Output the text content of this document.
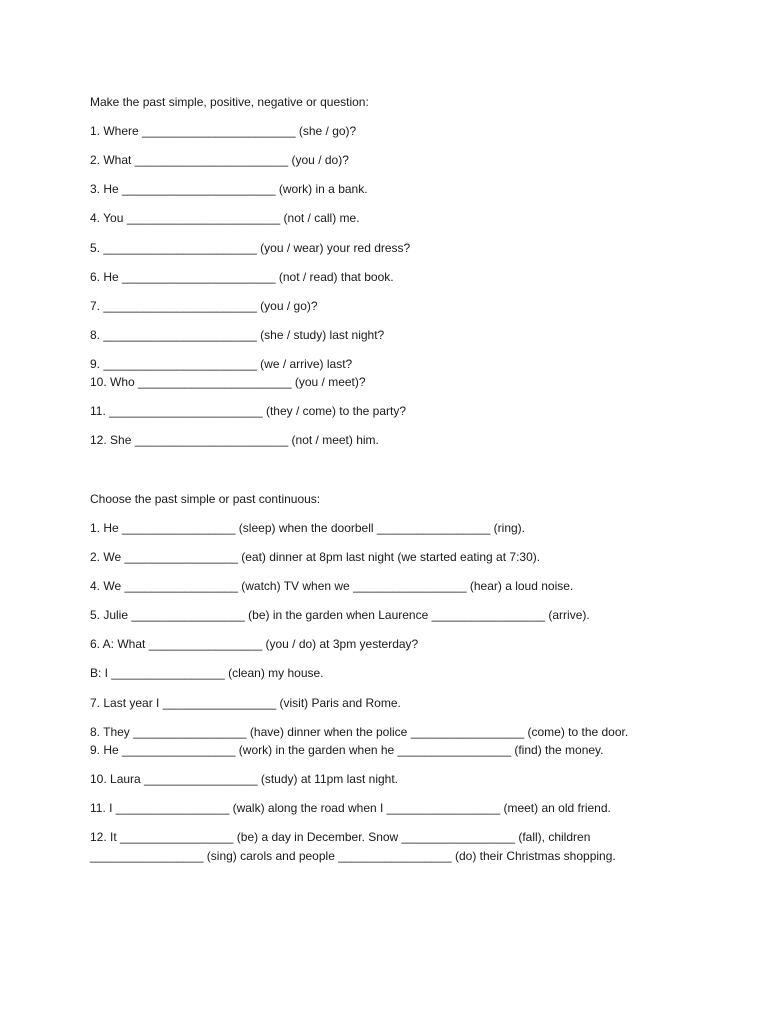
Make the past simple, positive, negative or question:
1. Where _______________________ (she / go)?
2. What _______________________ (you / do)?
3. He _______________________ (work) in a bank.
4. You _______________________ (not / call) me.
5. _______________________ (you / wear) your red dress?
6. He _______________________ (not / read) that book.
7. _______________________ (you / go)?
8. _______________________ (she / study) last night?
9. _______________________ (we / arrive) last?
10. Who _______________________ (you / meet)?
11. _______________________ (they / come) to the party?
12. She _______________________ (not / meet) him.
Choose the past simple or past continuous:
1. He _________________ (sleep) when the doorbell _________________ (ring).
2. We _________________ (eat) dinner at 8pm last night (we started eating at 7:30).
4. We _________________ (watch) TV when we _________________ (hear) a loud noise.
5. Julie _________________ (be) in the garden when Laurence _________________ (arrive).
6. A: What _________________ (you / do) at 3pm yesterday?
B: I _________________ (clean) my house.
7. Last year I _________________ (visit) Paris and Rome.
8. They _________________ (have) dinner when the police _________________ (come) to the door.
9. He _________________ (work) in the garden when he _________________ (find) the money.
10. Laura _________________ (study) at 11pm last night.
11. I _________________ (walk) along the road when I _________________ (meet) an old friend.
12. It _________________ (be) a day in December. Snow _________________ (fall), children
_________________ (sing) carols and people _________________ (do) their Christmas shopping.
